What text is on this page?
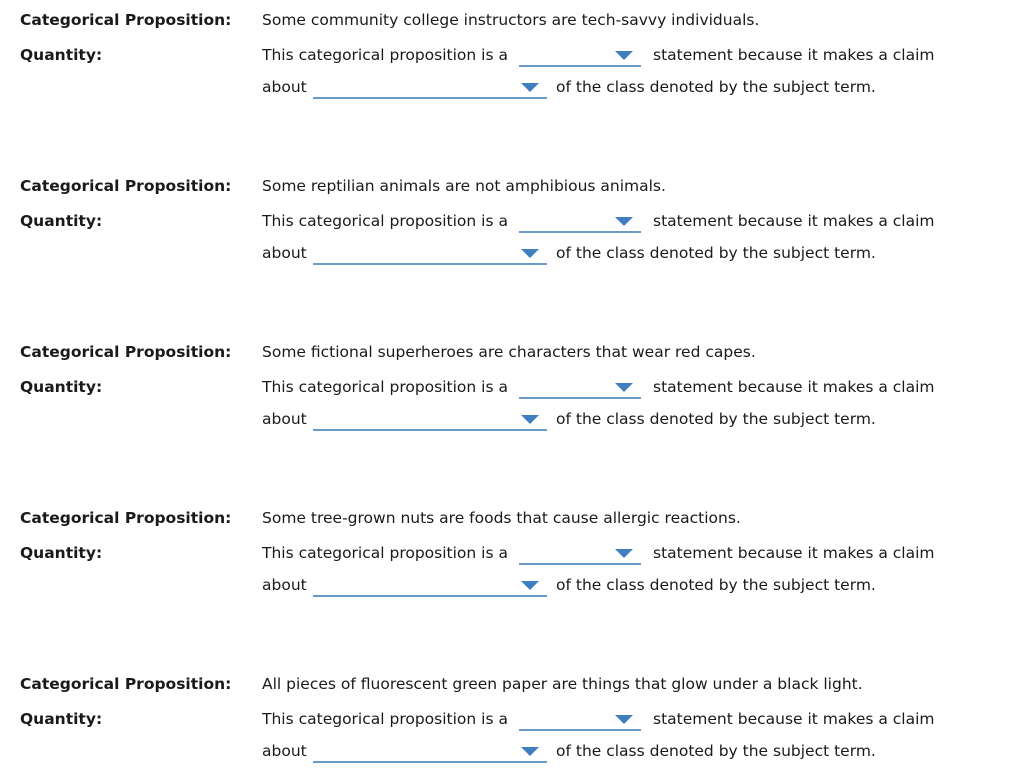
Categorical Proposition: Some community college instructors are tech-savvy individuals.
Quantity:	This categorical proposition is a	statement because it makes a claim
about	of the class denoted by the subject term.
Categorical Proposition: Some reptilian animals are not amphibious animals.
Quantity:	This categorical proposition is a	statement because it makes a claim
about	of the class denoted by the subject term.
Categorical Proposition: Some fictional superheroes are characters that wear red capes.
Quantity:	This categorical proposition is a	statement because it makes a claim
about	of the class denoted by the subject term.
Categorical Proposition: Some tree-grown nuts are foods that cause allergic reactions.
Quantity:	This categorical proposition is a	statement because it makes a claim
about	of the class denoted by the subject term.
Categorical Proposition: All pieces of fluorescent green paper are things that glow under a black light.
Quantity:	This categorical proposition is a	statement because it makes a claim
about	of the class denoted by the subject term.
